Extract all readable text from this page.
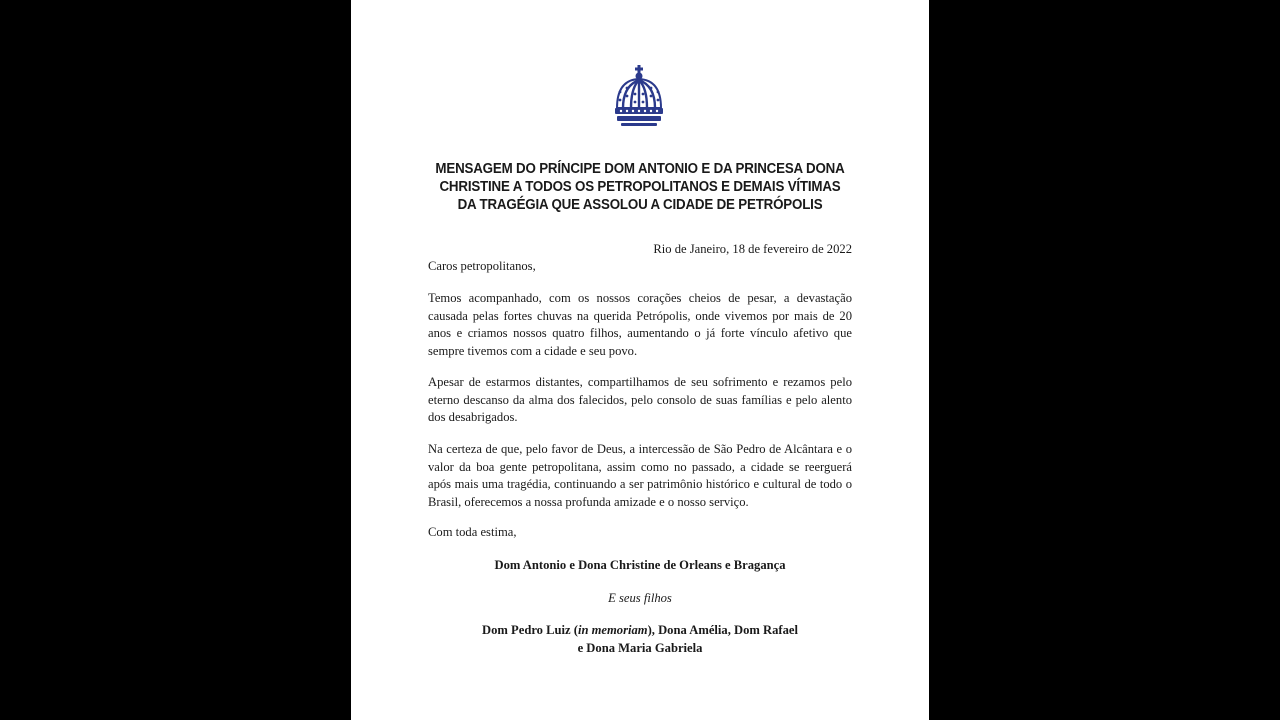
MENSAGEM DO PRÍNCIPE DOM ANTONIO E DA PRINCESA DONA
CHRISTINE A TODOS OS PETROPOLITANOS E DEMAIS VÍTIMAS
DA TRAGÉGIA QUE ASSOLOU A CIDADE DE PETRÓPOLIS
Rio de Janeiro, 18 de fevereiro de 2022
Caros petropolitanos,
Temos acompanhado, com os nossos corações cheios de pesar, a devastação causada pelas fortes chuvas na querida Petrópolis, onde vivemos por mais de 20 anos e criamos nossos quatro filhos, aumentando o já forte vínculo afetivo que sempre tivemos com a cidade e seu povo.
Apesar de estarmos distantes, compartilhamos de seu sofrimento e rezamos pelo eterno descanso da alma dos falecidos, pelo consolo de suas famílias e pelo alento dos desabrigados.
Na certeza de que, pelo favor de Deus, a intercessão de São Pedro de Alcântara e o valor da boa gente petropolitana, assim como no passado, a cidade se reerguerá após mais uma tragédia, continuando a ser patrimônio histórico e cultural de todo o Brasil, oferecemos a nossa profunda amizade e o nosso serviço.
Com toda estima,
Dom Antonio e Dona Christine de Orleans e Bragança
E seus filhos
Dom Pedro Luiz (in memoriam), Dona Amélia, Dom Rafael
e Dona Maria Gabriela
